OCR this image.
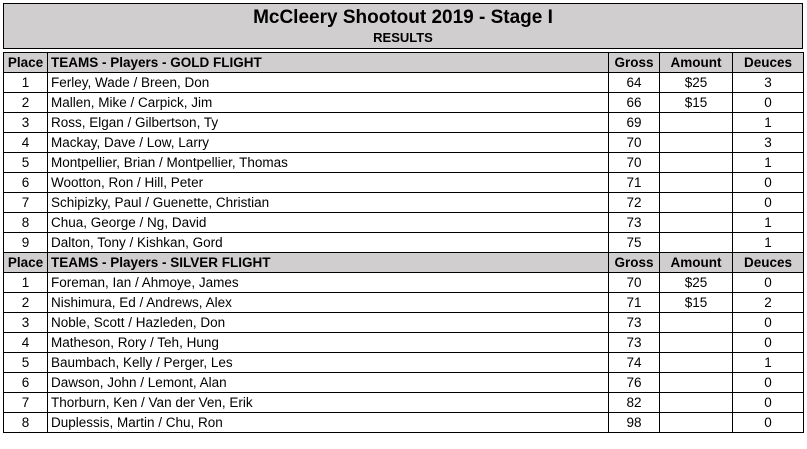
McCleery Shootout 2019 - Stage I
RESULTS
Place	TEAMS - Players - GOLD FLIGHT	Gross	Amount	Deuces
1	Ferley, Wade / Breen, Don	64	$25	3
2	Mallen, Mike / Carpick, Jim	66	$15	0
3	Ross, Elgan / Gilbertson, Ty	69		1
4	Mackay, Dave / Low, Larry	70		3
5	Montpellier, Brian / Montpellier, Thomas	70		1
6	Wootton, Ron / Hill, Peter	71		0
7	Schipizky, Paul / Guenette, Christian	72		0
8	Chua, George / Ng, David	73		1
9	Dalton, Tony / Kishkan, Gord	75		1
Place	TEAMS - Players - SILVER FLIGHT	Gross	Amount	Deuces
1	Foreman, Ian / Ahmoye, James	70	$25	0
2	Nishimura, Ed / Andrews, Alex	71	$15	2
3	Noble, Scott / Hazleden, Don	73		0
4	Matheson, Rory / Teh, Hung	73		0
5	Baumbach, Kelly / Perger, Les	74		1
6	Dawson, John / Lemont, Alan	76		0
7	Thorburn, Ken / Van der Ven, Erik	82		0
8	Duplessis, Martin / Chu, Ron	98		0
